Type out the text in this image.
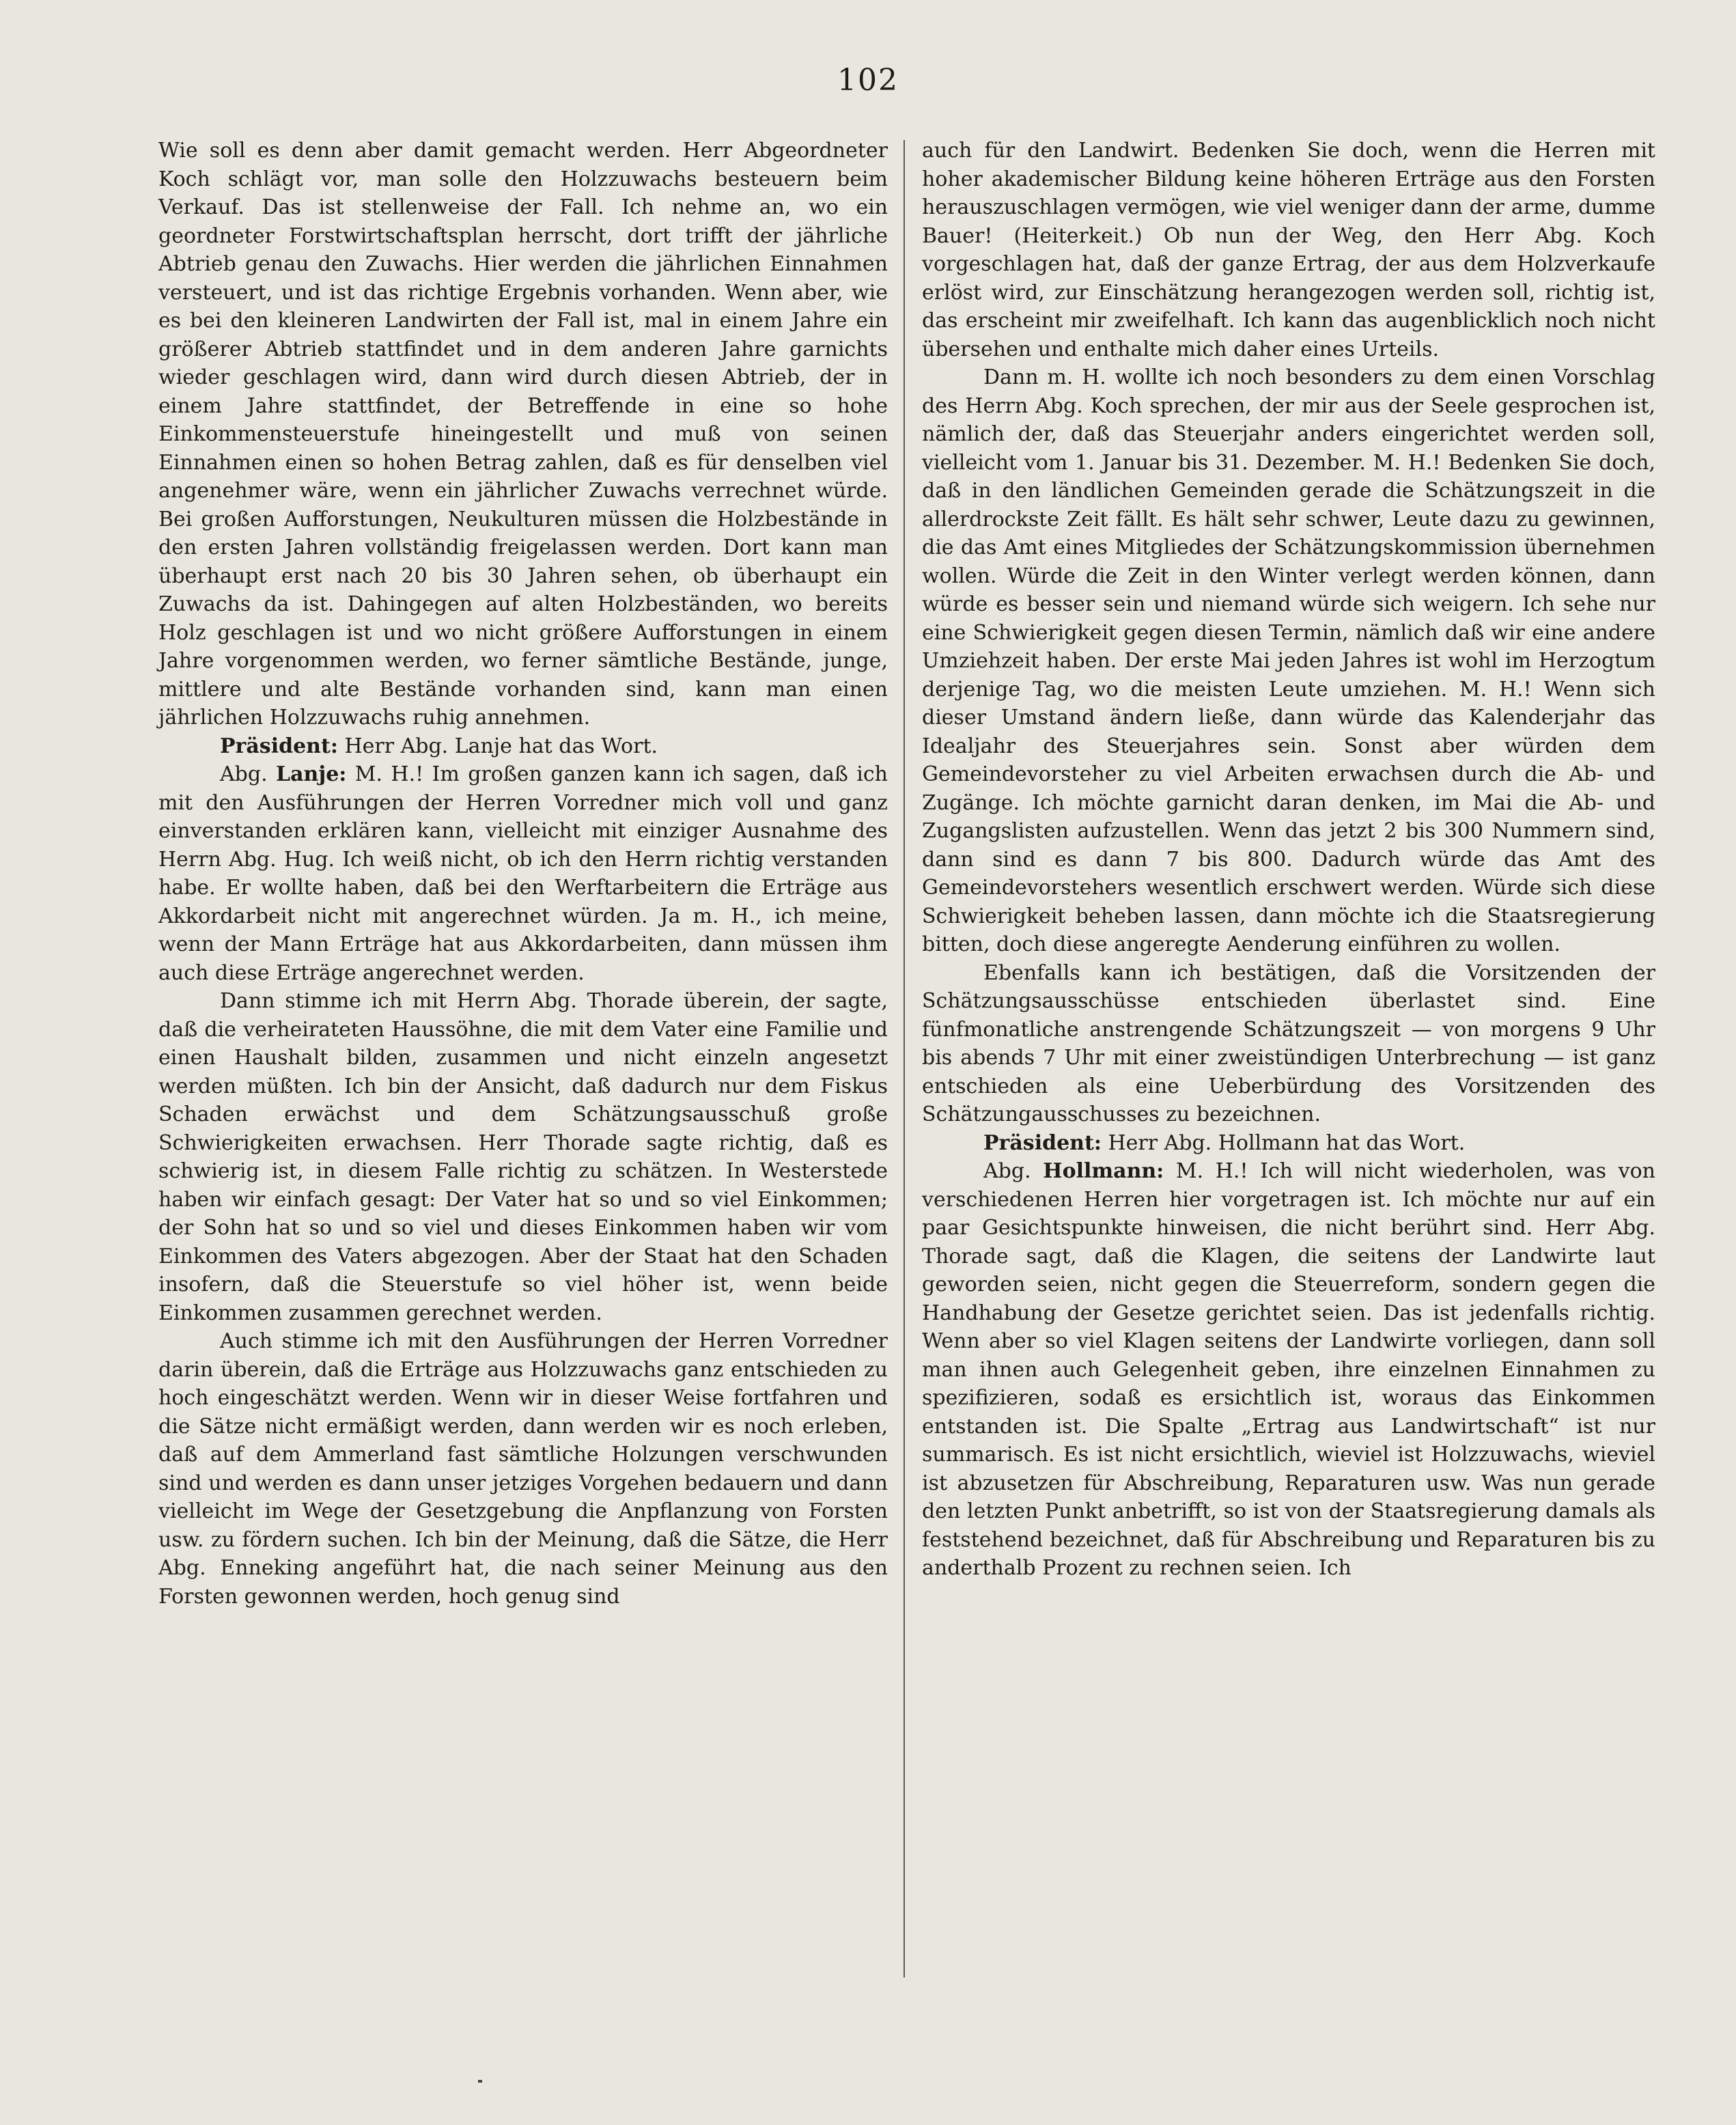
102

Wie soll es denn aber damit gemacht werden. Herr Abgeordneter Koch schlägt vor, man solle den Holzzuwachs besteuern beim Verkauf. Das ist stellenweise der Fall. Ich nehme an, wo ein geordneter Forstwirtschaftsplan herrscht, dort trifft der jährliche Abtrieb genau den Zuwachs. Hier werden die jährlichen Einnahmen versteuert, und ist das richtige Ergebnis vorhanden. Wenn aber, wie es bei den kleineren Landwirten der Fall ist, mal in einem Jahre ein größerer Abtrieb stattfindet und in dem anderen Jahre garnichts wieder geschlagen wird, dann wird durch diesen Abtrieb, der in einem Jahre stattfindet, der Betreffende in eine so hohe Einkommensteuerstufe hineingestellt und muß von seinen Einnahmen einen so hohen Betrag zahlen, daß es für denselben viel angenehmer wäre, wenn ein jährlicher Zuwachs verrechnet würde. Bei großen Aufforstungen, Neukulturen müssen die Holzbestände in den ersten Jahren vollständig freigelassen werden. Dort kann man überhaupt erst nach 20 bis 30 Jahren sehen, ob überhaupt ein Zuwachs da ist. Dahingegen auf alten Holzbeständen, wo bereits Holz geschlagen ist und wo nicht größere Aufforstungen in einem Jahre vorgenommen werden, wo ferner sämtliche Bestände, junge, mittlere und alte Bestände vorhanden sind, kann man einen jährlichen Holzzuwachs ruhig annehmen.

Präsident: Herr Abg. Lanje hat das Wort.

Abg. Lanje: M. H.! Im großen ganzen kann ich sagen, daß ich mit den Ausführungen der Herren Vorredner mich voll und ganz einverstanden erklären kann, vielleicht mit einziger Ausnahme des Herrn Abg. Hug. Ich weiß nicht, ob ich den Herrn richtig verstanden habe. Er wollte haben, daß bei den Werftarbeitern die Erträge aus Akkordarbeit nicht mit angerechnet würden. Ja m. H., ich meine, wenn der Mann Erträge hat aus Akkordarbeiten, dann müssen ihm auch diese Erträge angerechnet werden.

Dann stimme ich mit Herrn Abg. Thorade überein, der sagte, daß die verheirateten Haussöhne, die mit dem Vater eine Familie und einen Haushalt bilden, zusammen und nicht einzeln angesetzt werden müßten. Ich bin der Ansicht, daß dadurch nur dem Fiskus Schaden erwächst und dem Schätzungsausschuß große Schwierigkeiten erwachsen. Herr Thorade sagte richtig, daß es schwierig ist, in diesem Falle richtig zu schätzen. In Westerstede haben wir einfach gesagt: Der Vater hat so und so viel Einkommen; der Sohn hat so und so viel und dieses Einkommen haben wir vom Einkommen des Vaters abgezogen. Aber der Staat hat den Schaden insofern, daß die Steuerstufe so viel höher ist, wenn beide Einkommen zusammen gerechnet werden.

Auch stimme ich mit den Ausführungen der Herren Vorredner darin überein, daß die Erträge aus Holzzuwachs ganz entschieden zu hoch eingeschätzt werden. Wenn wir in dieser Weise fortfahren und die Sätze nicht ermäßigt werden, dann werden wir es noch erleben, daß auf dem Ammerland fast sämtliche Holzungen verschwunden sind und werden es dann unser jetziges Vorgehen bedauern und dann vielleicht im Wege der Gesetzgebung die Anpflanzung von Forsten usw. zu fördern suchen. Ich bin der Meinung, daß die Sätze, die Herr Abg. Enneking angeführt hat, die nach seiner Meinung aus den Forsten gewonnen werden, hoch genug sind

auch für den Landwirt. Bedenken Sie doch, wenn die Herren mit hoher akademischer Bildung keine höheren Erträge aus den Forsten herauszuschlagen vermögen, wie viel weniger dann der arme, dumme Bauer! (Heiterkeit.) Ob nun der Weg, den Herr Abg. Koch vorgeschlagen hat, daß der ganze Ertrag, der aus dem Holzverkaufe erlöst wird, zur Einschätzung herangezogen werden soll, richtig ist, das erscheint mir zweifelhaft. Ich kann das augenblicklich noch nicht übersehen und enthalte mich daher eines Urteils.

Dann m. H. wollte ich noch besonders zu dem einen Vorschlag des Herrn Abg. Koch sprechen, der mir aus der Seele gesprochen ist, nämlich der, daß das Steuerjahr anders eingerichtet werden soll, vielleicht vom 1. Januar bis 31. Dezember. M. H.! Bedenken Sie doch, daß in den ländlichen Gemeinden gerade die Schätzungszeit in die allerdrockste Zeit fällt. Es hält sehr schwer, Leute dazu zu gewinnen, die das Amt eines Mitgliedes der Schätzungskommission übernehmen wollen. Würde die Zeit in den Winter verlegt werden können, dann würde es besser sein und niemand würde sich weigern. Ich sehe nur eine Schwierigkeit gegen diesen Termin, nämlich daß wir eine andere Umziehzeit haben. Der erste Mai jeden Jahres ist wohl im Herzogtum derjenige Tag, wo die meisten Leute umziehen. M. H.! Wenn sich dieser Umstand ändern ließe, dann würde das Kalenderjahr das Idealjahr des Steuerjahres sein. Sonst aber würden dem Gemeindevorsteher zu viel Arbeiten erwachsen durch die Ab- und Zugänge. Ich möchte garnicht daran denken, im Mai die Ab- und Zugangslisten aufzustellen. Wenn das jetzt 2 bis 300 Nummern sind, dann sind es dann 7 bis 800. Dadurch würde das Amt des Gemeindevorstehers wesentlich erschwert werden. Würde sich diese Schwierigkeit beheben lassen, dann möchte ich die Staatsregierung bitten, doch diese angeregte Aenderung einführen zu wollen.

Ebenfalls kann ich bestätigen, daß die Vorsitzenden der Schätzungsausschüsse entschieden überlastet sind. Eine fünfmonatliche anstrengende Schätzungszeit — von morgens 9 Uhr bis abends 7 Uhr mit einer zweistündigen Unterbrechung — ist ganz entschieden als eine Ueberbürdung des Vorsitzenden des Schätzungausschusses zu bezeichnen.

Präsident: Herr Abg. Hollmann hat das Wort.

Abg. Hollmann: M. H.! Ich will nicht wiederholen, was von verschiedenen Herren hier vorgetragen ist. Ich möchte nur auf ein paar Gesichtspunkte hinweisen, die nicht berührt sind. Herr Abg. Thorade sagt, daß die Klagen, die seitens der Landwirte laut geworden seien, nicht gegen die Steuerreform, sondern gegen die Handhabung der Gesetze gerichtet seien. Das ist jedenfalls richtig. Wenn aber so viel Klagen seitens der Landwirte vorliegen, dann soll man ihnen auch Gelegenheit geben, ihre einzelnen Einnahmen zu spezifizieren, sodaß es ersichtlich ist, woraus das Einkommen entstanden ist. Die Spalte „Ertrag aus Landwirtschaft“ ist nur summarisch. Es ist nicht ersichtlich, wieviel ist Holzzuwachs, wieviel ist abzusetzen für Abschreibung, Reparaturen usw. Was nun gerade den letzten Punkt anbetrifft, so ist von der Staatsregierung damals als feststehend bezeichnet, daß für Abschreibung und Reparaturen bis zu anderthalb Prozent zu rechnen seien. Ich
